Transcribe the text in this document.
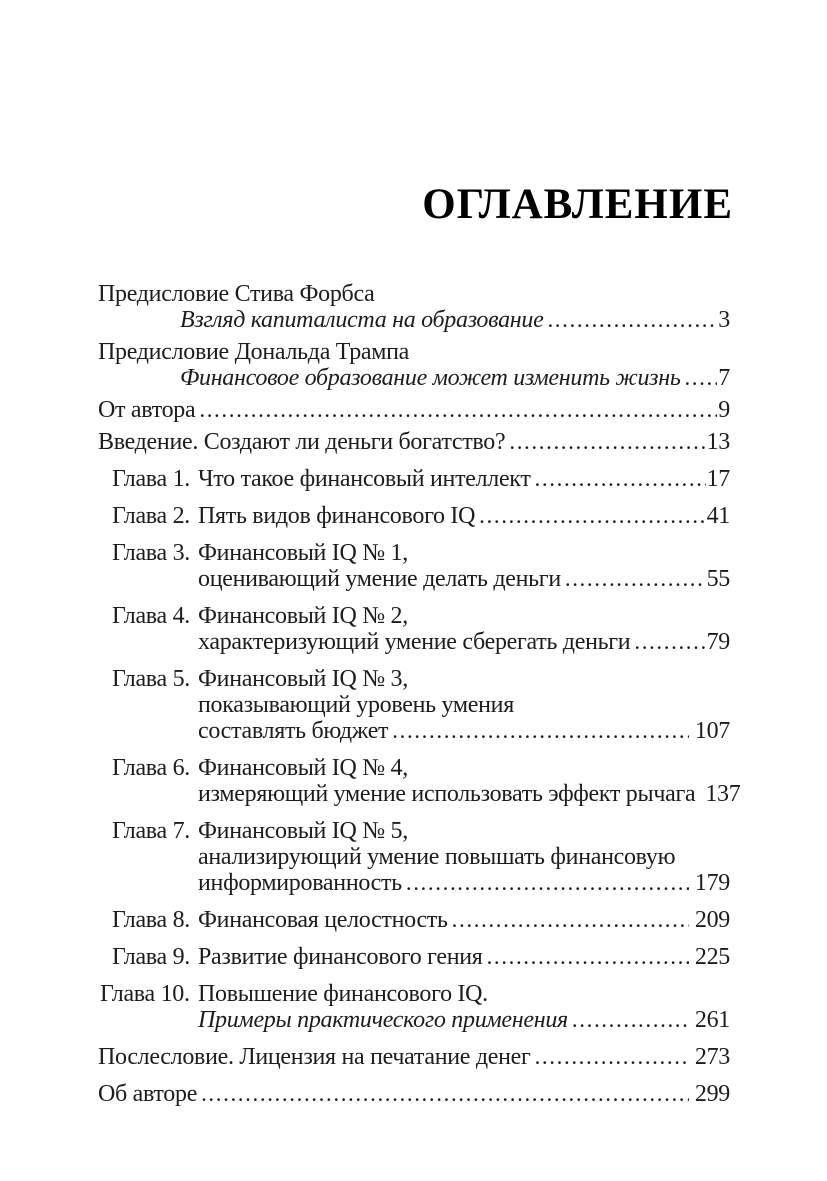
ОГЛАВЛЕНИЕ
Предисловие Стива Форбса
Взгляд капиталиста на образование .....	3
Предисловие Дональда Трампа
Финансовое образование может изменить жизнь ..... 7
От автора .....	9
Введение. Создают ли деньги богатство? .....	13
Глава 1. Что такое финансовый интеллект .....	17
Глава 2. Пять видов финансового IQ .....	41
Глава 3. Финансовый IQ № 1,
оценивающий умение делать деньги .....	55
Глава 4. Финансовый IQ № 2,
характеризующий умение сберегать деньги .....	79
Глава 5. Финансовый IQ № 3,
показывающий уровень умения
составлять бюджет .....	107
Глава 6. Финансовый IQ № 4,
измеряющий умение использовать эффект рычага 137
Глава 7. Финансовый IQ № 5,
анализирующий умение повышать финансовую
информированность .....	179
Глава 8. Финансовая целостность .....	209
Глава 9. Развитие финансового гения .....	225
Глава 10. Повышение финансового IQ.
Примеры практического применения .....	261
Послесловие. Лицензия на печатание денег .....	273
Об авторе .....	299
